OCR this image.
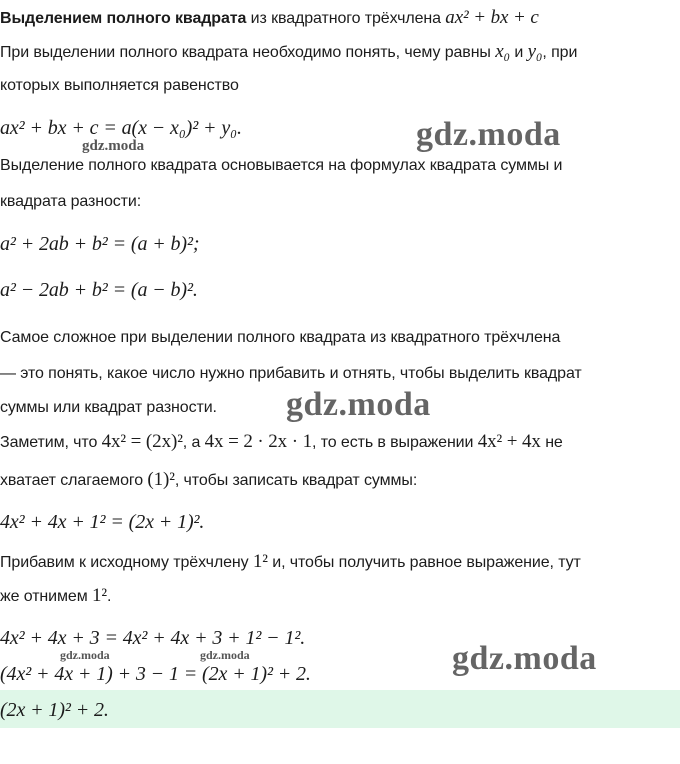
Выделением полного квадрата из квадратного трёхчлена ax² + bx + c
При выделении полного квадрата необходимо понять, чему равны x₀ и y₀, при
которых выполняется равенство
ax² + bx + c = a(x − x₀)² + y₀.
Выделение полного квадрата основывается на формулах квадрата суммы и
квадрата разности:
a² + 2ab + b² = (a + b)²;
a² − 2ab + b² = (a − b)².
Самое сложное при выделении полного квадрата из квадратного трёхчлена
— это понять, какое число нужно прибавить и отнять, чтобы выделить квадрат
суммы или квадрат разности.
Заметим, что 4x² = (2x)², а 4x = 2 · 2x · 1, то есть в выражении 4x² + 4x не
хватает слагаемого (1)², чтобы записать квадрат суммы:
4x² + 4x + 1² = (2x + 1)².
Прибавим к исходному трёхчлену 1² и, чтобы получить равное выражение, тут
же отнимем 1².
4x² + 4x + 3 = 4x² + 4x + 3 + 1² − 1².
(4x² + 4x + 1) + 3 − 1 = (2x + 1)² + 2.
(2x + 1)² + 2.
gdz.moda
gdz.moda
gdz.moda
gdz.moda	gdz.moda	gdz.moda
